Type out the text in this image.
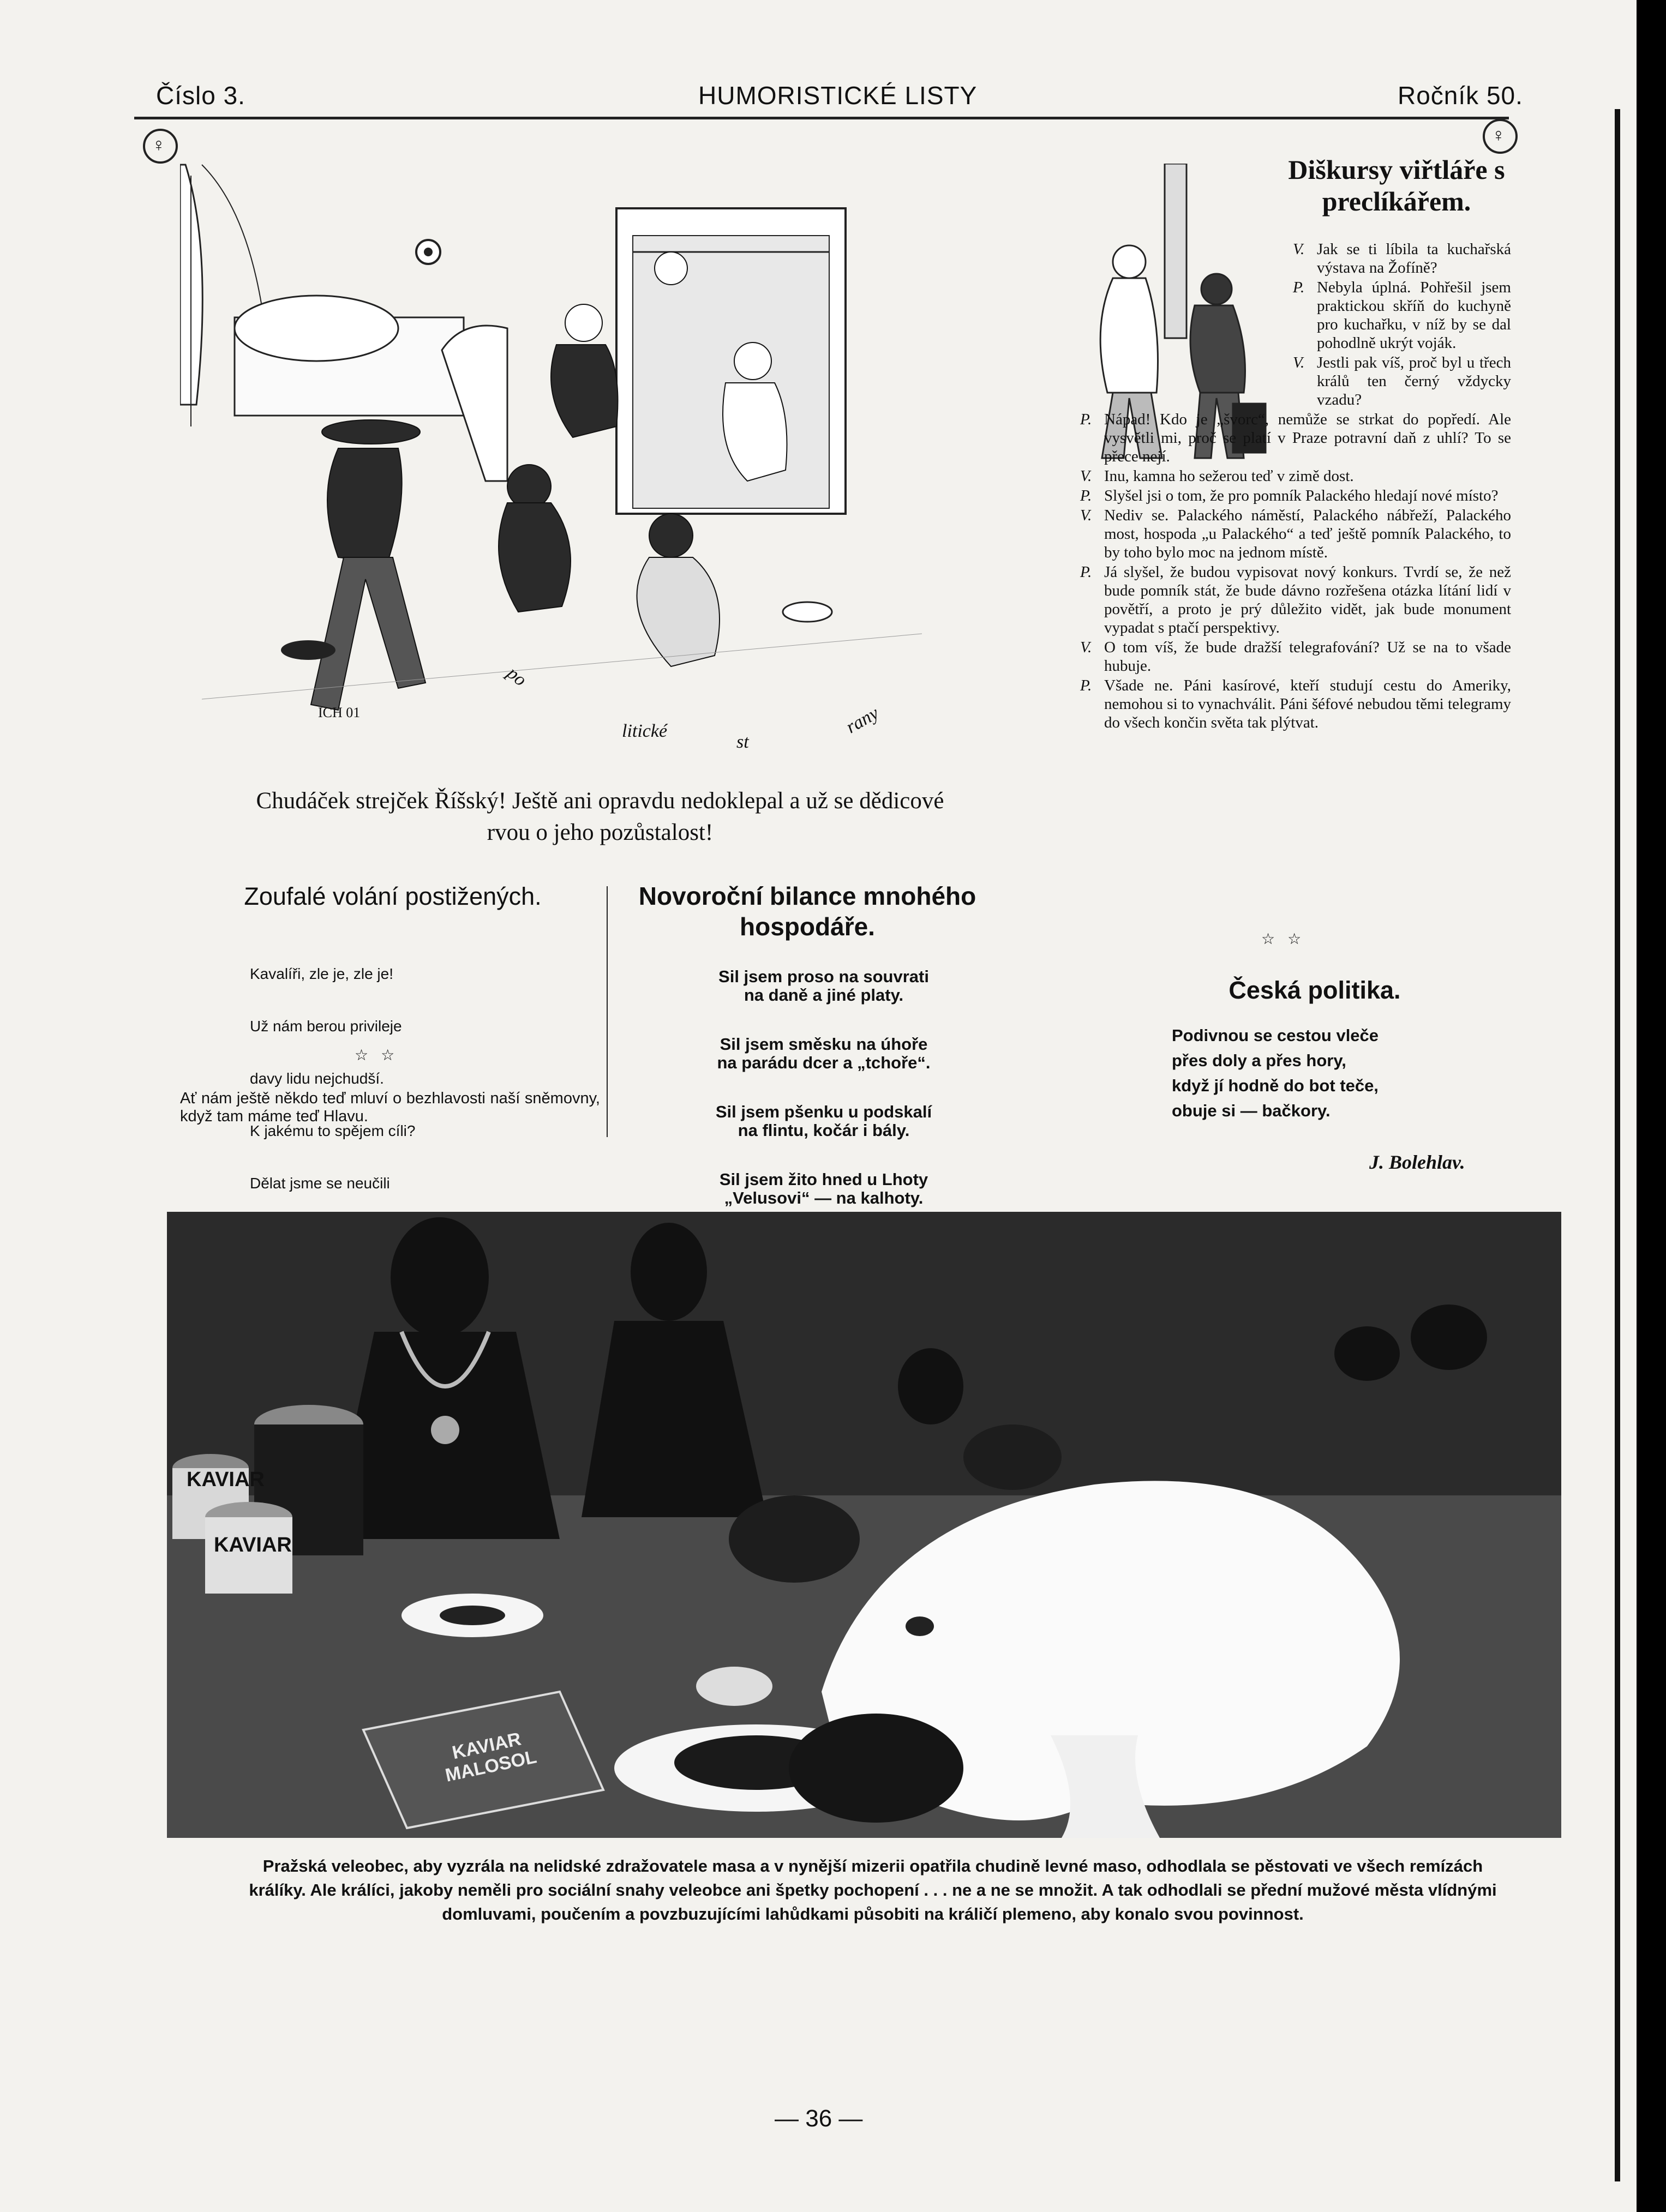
Číslo 3.	HUMORISTICKÉ LISTY	Ročník 50.
♀	♀
ICH 01
po
litické
st
rany
Chudáček strejček Říšský! Ještě ani opravdu nedoklepal a už se dědicové rvou o jeho pozůstalost!
Zoufalé volání postižených.

Kavalíři, zle je, zle je!

Už nám berou privileje

davy lidu nejchudší.

K jakému to spějem cíli?

Dělat jsme se neučili

☆ ☆
Ať nám ještě někdo teď mluví o bezhlavosti naší sněmovny, když tam máme teď Hlavu.
Novoroční bilance mnohého hospodáře.

Sil jsem proso na souvrati
na daně a jiné platy.

Sil jsem směsku na úhoře
na parádu dcer a „tchoře“.

Sil jsem pšenku u podskalí
na flintu, kočár i bály.

Sil jsem žito hned u Lhoty
„Velusovi“ — na kalhoty.

Diškursy viřtláře s preclíkářem.
V. Jak se ti líbila ta kuchařská výstava na Žofíně?
P. Nebyla úplná. Pohřešil jsem praktickou skříň do kuchyně pro kuchařku, v níž by se dal pohodlně ukrýt voják.
V. Jestli pak víš, proč byl u třech králů ten černý vždycky vzadu?
P. Nápad! Kdo je „švorc“, nemůže se strkat do popředí. Ale vysvětli mi, proč se platí v Praze potravní daň z uhlí? To se přece nejí.
V. Inu, kamna ho sežerou teď v zimě dost.
P. Slyšel jsi o tom, že pro pomník Palackého hledají nové místo?
V. Nediv se. Palackého náměstí, Palackého nábřeží, Palackého most, hospoda „u Palackého“ a teď ještě pomník Palackého, to by toho bylo moc na jednom místě.
P. Já slyšel, že budou vypisovat nový konkurs. Tvrdí se, že než bude pomník stát, že bude dávno rozřešena otázka lítání lidí v povětří, a proto je prý důležito vidět, jak bude monument vypadat s ptačí perspektivy.
V. O tom víš, že bude dražší telegrafování? Už se na to všade hubuje.
P. Všade ne. Páni kasírové, kteří studují cestu do Ameriky, nemohou si to vynachválit. Páni šéfové nebudou těmi telegramy do všech končin světa tak plýtvat.
☆ ☆
Česká politika.
Podivnou se cestou vleče
přes doly a přes hory,
když jí hodně do bot teče,
obuje si — bačkory.
J. Bolehlav.
KAVIAR
KAVIAR
KAVIAR MALOSOL
Pražská veleobec, aby vyzrála na nelidské zdražovatele masa a v nynější mizerii opatřila chudině levné maso, odhodlala se pěstovati ve všech remízách králíky. Ale králíci, jakoby neměli pro sociální snahy veleobce ani špetky pochopení . . . ne a ne se množit. A tak odhodlali se přední mužové města vlídnými domluvami, poučením a povzbuzujícími lahůdkami působiti na králičí plemeno, aby konalo svou povinnost.
— 36 —
